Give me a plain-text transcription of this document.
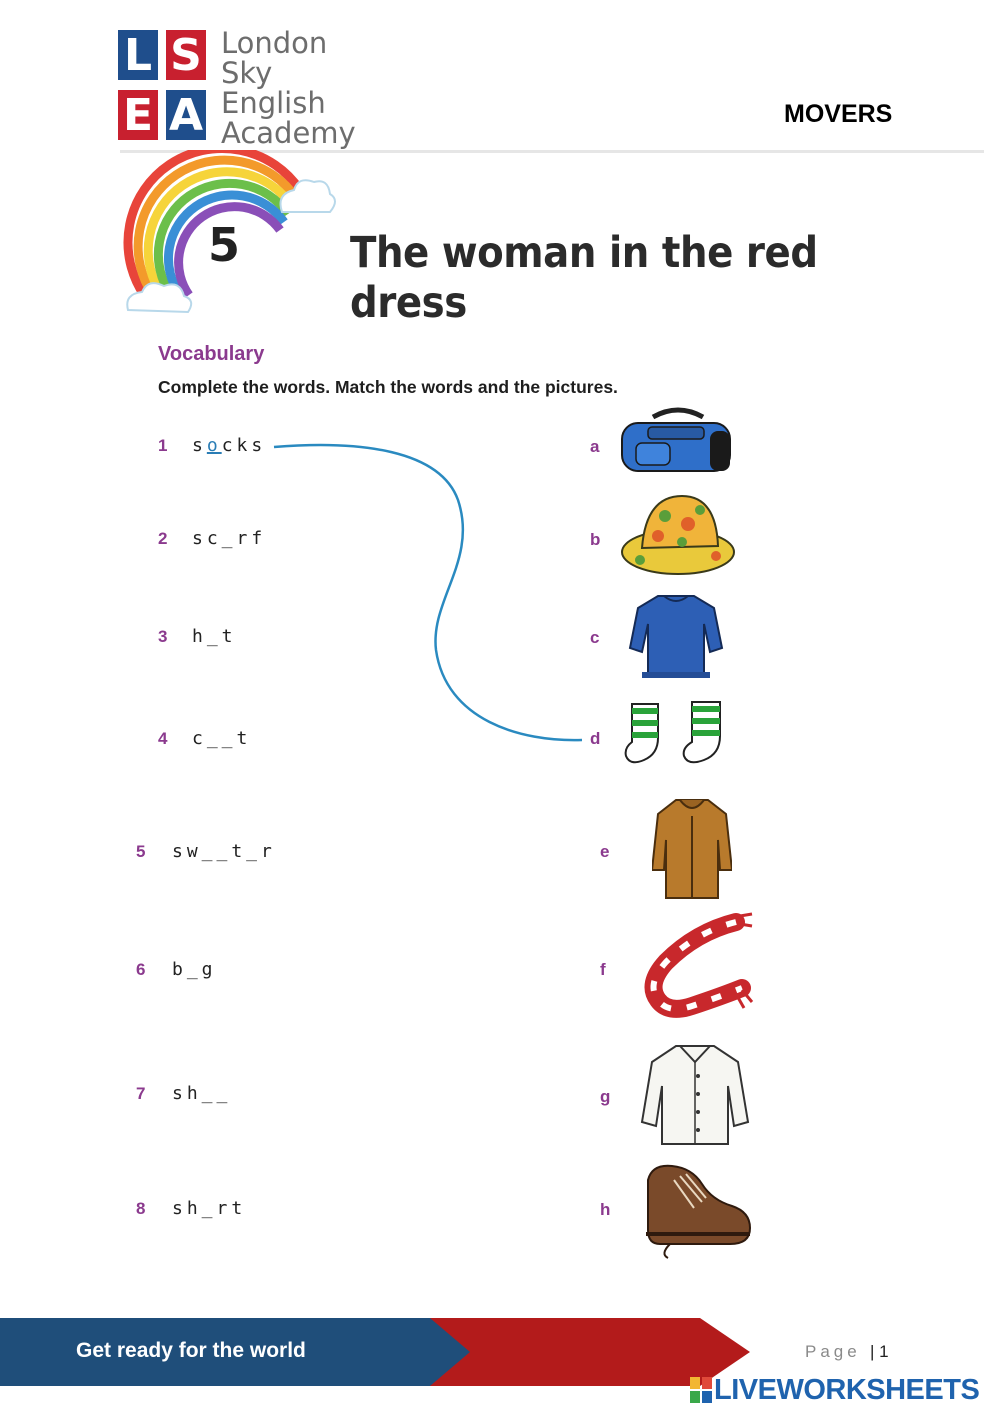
L S
E A
London
Sky
English
Academy
MOVERS
5	The woman in the red dress
Vocabulary
Complete the words. Match the words and the pictures.
1 socks
2 sc_rf
3 h_t
4 c__t
5 sw__t_r
6 b_g
7 sh__
8 sh_rt
a
b
c
d
e
f
g
h
Get ready for the world	Page | 1
LIVEWORKSHEETS
